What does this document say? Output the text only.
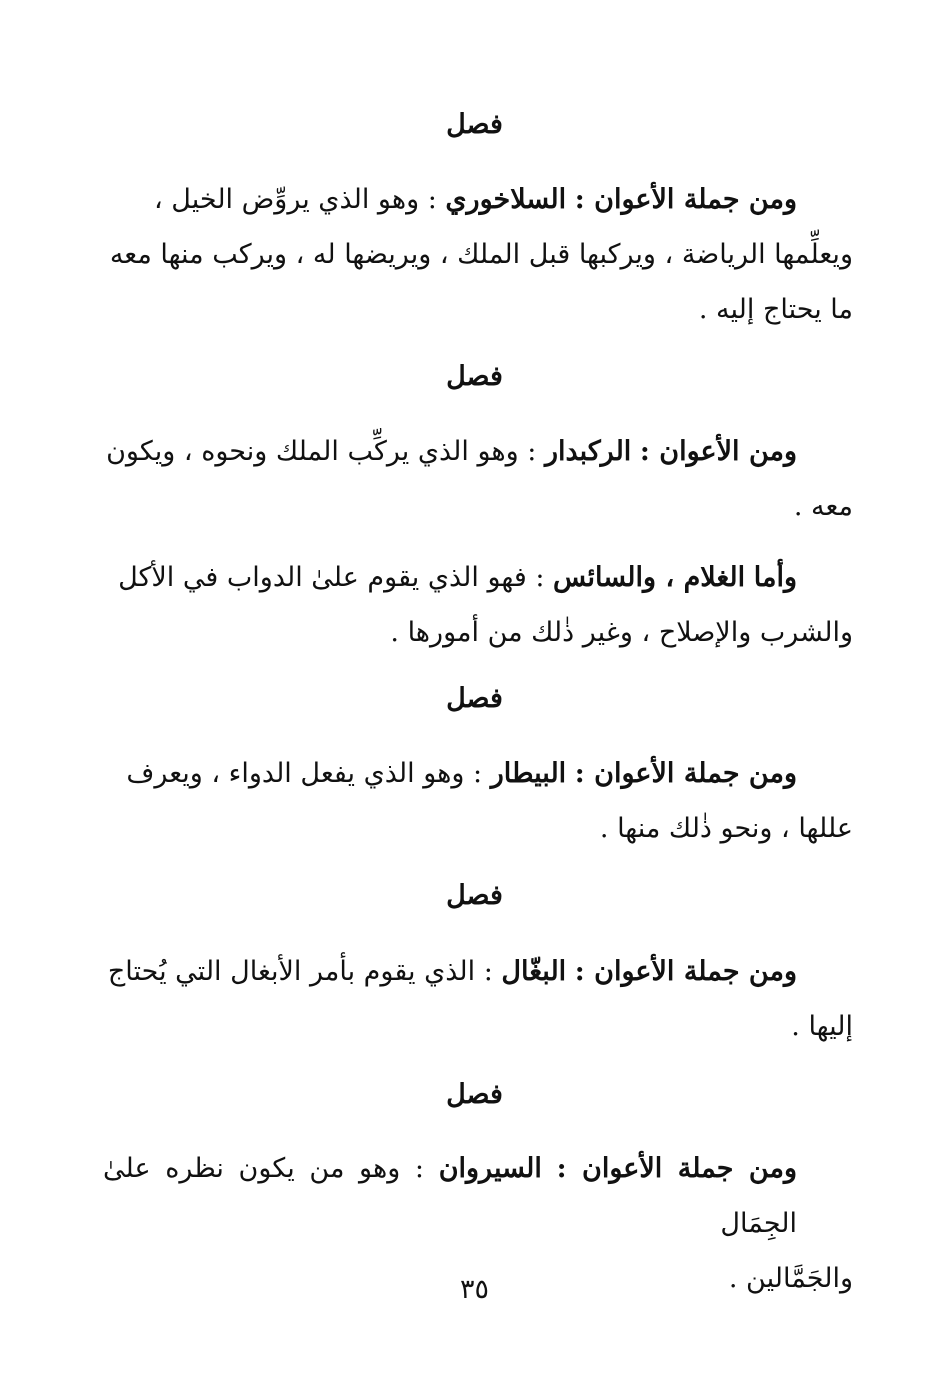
فصل
ومن جملة الأعوان : السلاخوري : وهو الذي يروِّض الخيل ،
ويعلِّمها الرياضة ، ويركبها قبل الملك ، ويريضها له ، ويركب منها معه
ما يحتاج إليه .
فصل
ومن الأعوان : الركبدار : وهو الذي يركِّب الملك ونحوه ، ويكون
معه .
وأما الغلام ، والسائس : فهو الذي يقوم علىٰ الدواب في الأكل
والشرب والإصلاح ، وغير ذٰلك من أمورها .
فصل
ومن جملة الأعوان : البيطار : وهو الذي يفعل الدواء ، ويعرف
عللها ، ونحو ذٰلك منها .
فصل
ومن جملة الأعوان : البغّال : الذي يقوم بأمر الأبغال التي يُحتاج
إليها .
فصل
ومن جملة الأعوان : السيروان : وهو من يكون نظره علىٰ الجِمَال
والجَمَّالين .
٣٥
